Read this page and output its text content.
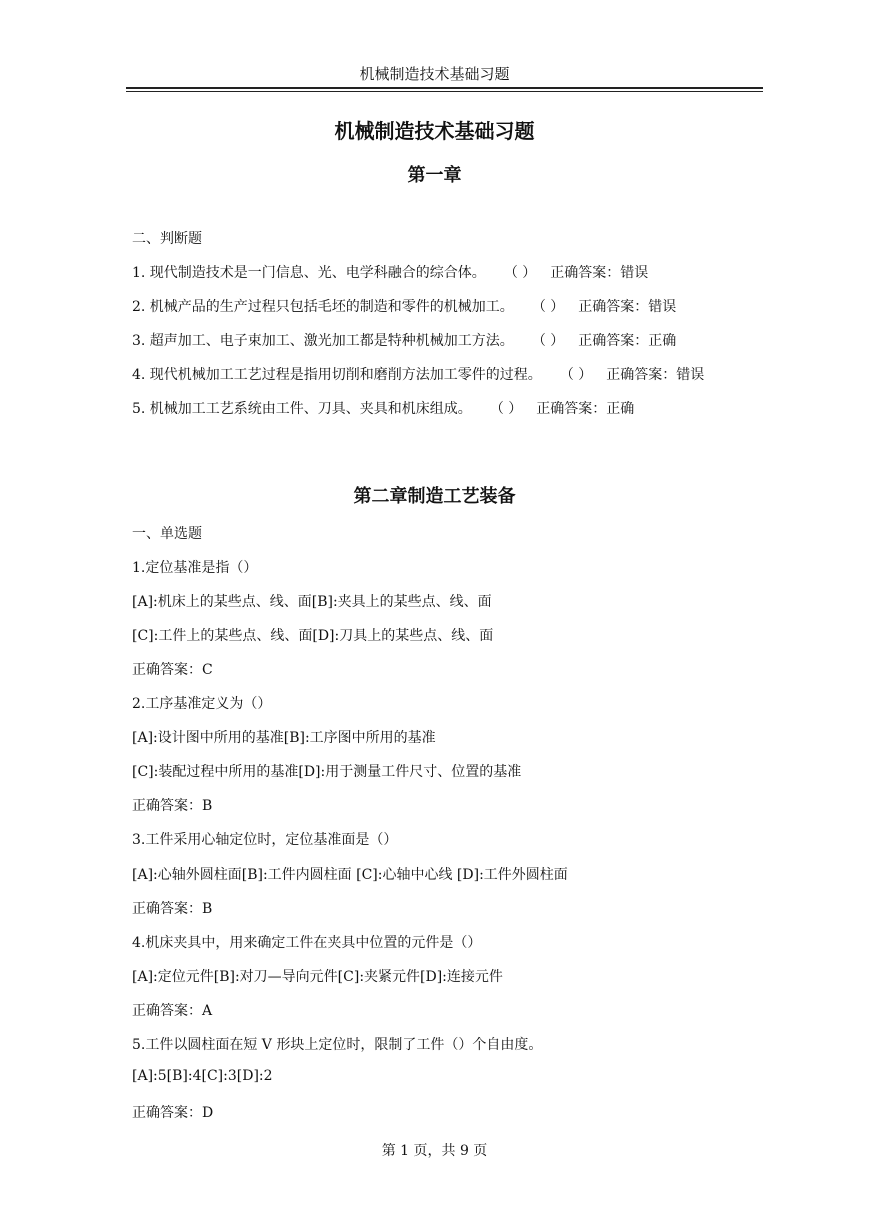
机械制造技术基础习题
机械制造技术基础习题
第一章
二、判断题
1. 现代制造技术是一门信息、光、电学科融合的综合体。 （ ） 正确答案：错误
2. 机械产品的生产过程只包括毛坯的制造和零件的机械加工。 （ ） 正确答案：错误
3. 超声加工、电子束加工、激光加工都是特种机械加工方法。 （ ） 正确答案：正确
4. 现代机械加工工艺过程是指用切削和磨削方法加工零件的过程。 （ ） 正确答案：错误
5. 机械加工工艺系统由工件、刀具、夹具和机床组成。 （ ） 正确答案：正确
第二章制造工艺装备
一、单选题
1.定位基准是指（）
[A]:机床上的某些点、线、面[B]:夹具上的某些点、线、面
[C]:工件上的某些点、线、面[D]:刀具上的某些点、线、面
正确答案：C
2.工序基准定义为（）
[A]:设计图中所用的基准[B]:工序图中所用的基准
[C]:装配过程中所用的基准[D]:用于测量工件尺寸、位置的基准
正确答案：B
3.工件采用心轴定位时，定位基准面是（）
[A]:心轴外圆柱面[B]:工件内圆柱面 [C]:心轴中心线 [D]:工件外圆柱面
正确答案：B
4.机床夹具中，用来确定工件在夹具中位置的元件是（）
[A]:定位元件[B]:对刀—导向元件[C]:夹紧元件[D]:连接元件
正确答案：A
5.工件以圆柱面在短 V 形块上定位时，限制了工件（）个自由度。
[A]:5[B]:4[C]:3[D]:2
正确答案：D
第 1 页，共 9 页
